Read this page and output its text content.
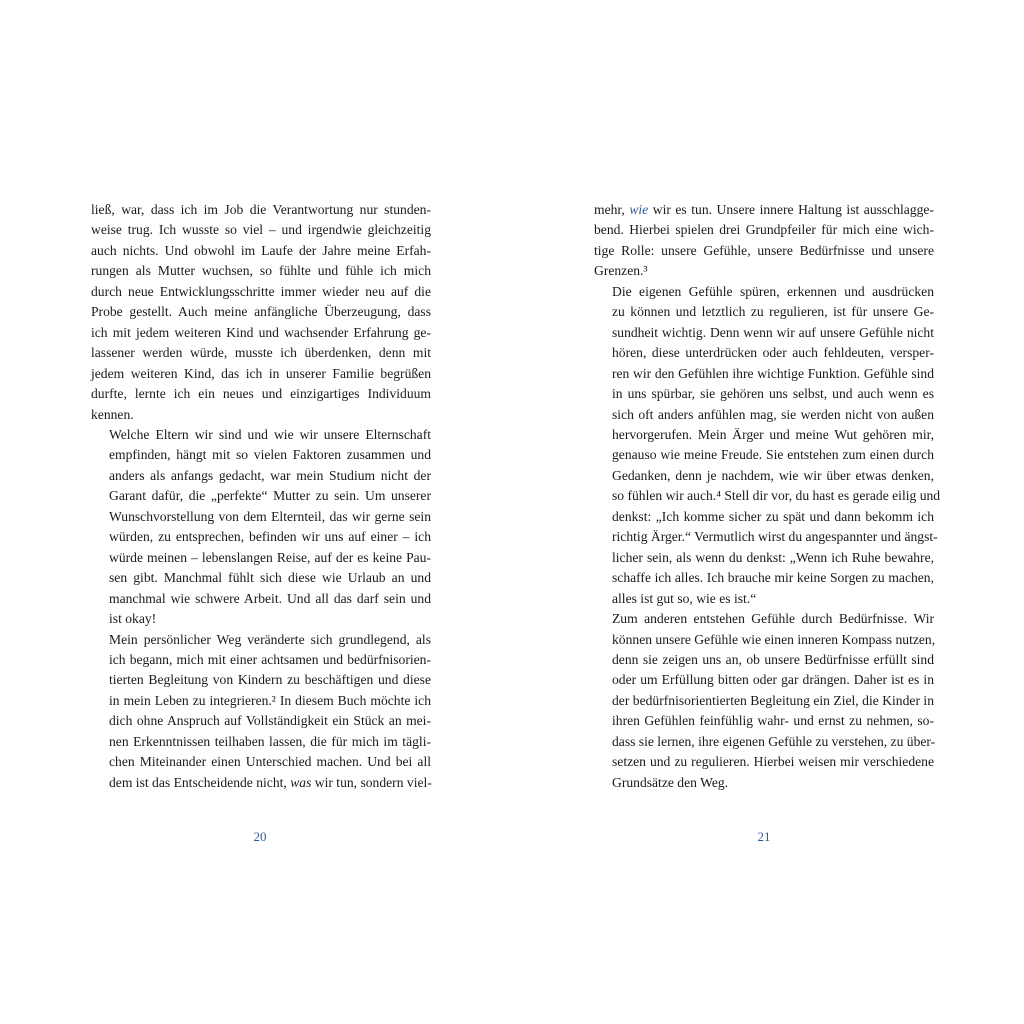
ließ, war, dass ich im Job die Verantwortung nur stunden-
weise trug. Ich wusste so viel – und irgendwie gleichzeitig
auch nichts. Und obwohl im Laufe der Jahre meine Erfah-
rungen als Mutter wuchsen, so fühlte und fühle ich mich
durch neue Entwicklungsschritte immer wieder neu auf die
Probe gestellt. Auch meine anfängliche Überzeugung, dass
ich mit jedem weiteren Kind und wachsender Erfahrung ge-
lassener werden würde, musste ich überdenken, denn mit
jedem weiteren Kind, das ich in unserer Familie begrüßen
durfte, lernte ich ein neues und einzigartiges Individuum
kennen.

Welche Eltern wir sind und wie wir unsere Elternschaft
empfinden, hängt mit so vielen Faktoren zusammen und
anders als anfangs gedacht, war mein Studium nicht der
Garant dafür, die „perfekte“ Mutter zu sein. Um unserer
Wunschvorstellung von dem Elternteil, das wir gerne sein
würden, zu entsprechen, befinden wir uns auf einer – ich
würde meinen – lebenslangen Reise, auf der es keine Pau-
sen gibt. Manchmal fühlt sich diese wie Urlaub an und
manchmal wie schwere Arbeit. Und all das darf sein und
ist okay!

Mein persönlicher Weg veränderte sich grundlegend, als
ich begann, mich mit einer achtsamen und bedürfnisorien-
tierten Begleitung von Kindern zu beschäftigen und diese
in mein Leben zu integrieren.² In diesem Buch möchte ich
dich ohne Anspruch auf Vollständigkeit ein Stück an mei-
nen Erkenntnissen teilhaben lassen, die für mich im tägli-
chen Miteinander einen Unterschied machen. Und bei all
dem ist das Entscheidende nicht, was wir tun, sondern viel-

mehr, wie wir es tun. Unsere innere Haltung ist ausschlagge-
bend. Hierbei spielen drei Grundpfeiler für mich eine wich-
tige Rolle: unsere Gefühle, unsere Bedürfnisse und unsere
Grenzen.³

Die eigenen Gefühle spüren, erkennen und ausdrücken
zu können und letztlich zu regulieren, ist für unsere Ge-
sundheit wichtig. Denn wenn wir auf unsere Gefühle nicht
hören, diese unterdrücken oder auch fehldeuten, versper-
ren wir den Gefühlen ihre wichtige Funktion. Gefühle sind
in uns spürbar, sie gehören uns selbst, und auch wenn es
sich oft anders anfühlen mag, sie werden nicht von außen
hervorgerufen. Mein Ärger und meine Wut gehören mir,
genauso wie meine Freude. Sie entstehen zum einen durch
Gedanken, denn je nachdem, wie wir über etwas denken,
so fühlen wir auch.⁴ Stell dir vor, du hast es gerade eilig und
denkst: „Ich komme sicher zu spät und dann bekomm ich
richtig Ärger.“ Vermutlich wirst du angespannter und ängst-
licher sein, als wenn du denkst: „Wenn ich Ruhe bewahre,
schaffe ich alles. Ich brauche mir keine Sorgen zu machen,
alles ist gut so, wie es ist.“

Zum anderen entstehen Gefühle durch Bedürfnisse. Wir
können unsere Gefühle wie einen inneren Kompass nutzen,
denn sie zeigen uns an, ob unsere Bedürfnisse erfüllt sind
oder um Erfüllung bitten oder gar drängen. Daher ist es in
der bedürfnisorientierten Begleitung ein Ziel, die Kinder in
ihren Gefühlen feinfühlig wahr- und ernst zu nehmen, so-
dass sie lernen, ihre eigenen Gefühle zu verstehen, zu über-
setzen und zu regulieren. Hierbei weisen mir verschiedene
Grundsätze den Weg.

20	21
